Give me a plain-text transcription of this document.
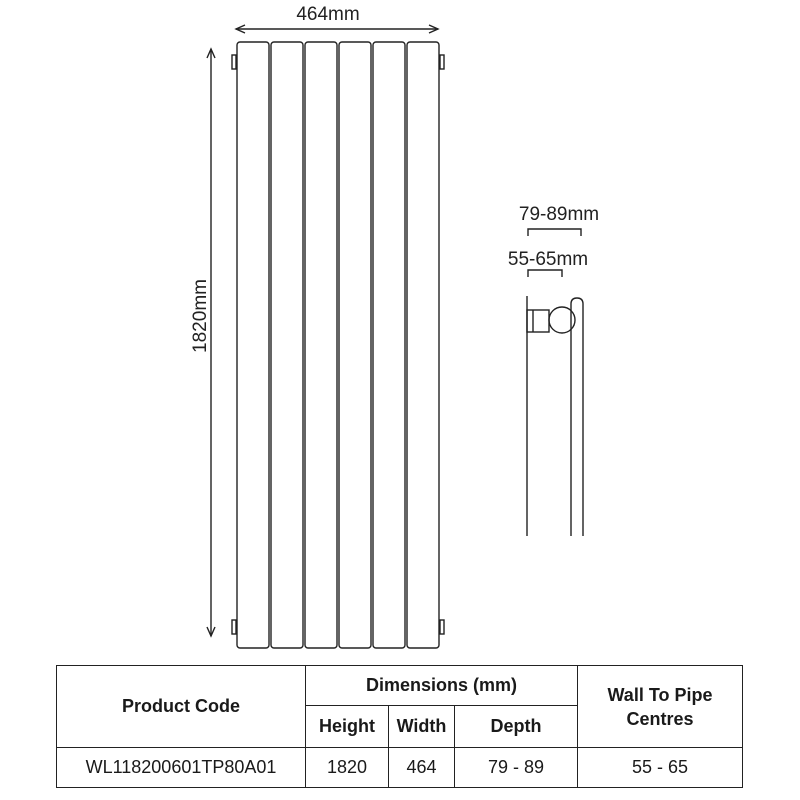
464mm
1820mm
79-89mm
55-65mm
Product Code	Dimensions (mm)			Wall To Pipe Centres
	Height	Width	Depth	
WL118200601TP80A01	1820	464	79 - 89	55 - 65
